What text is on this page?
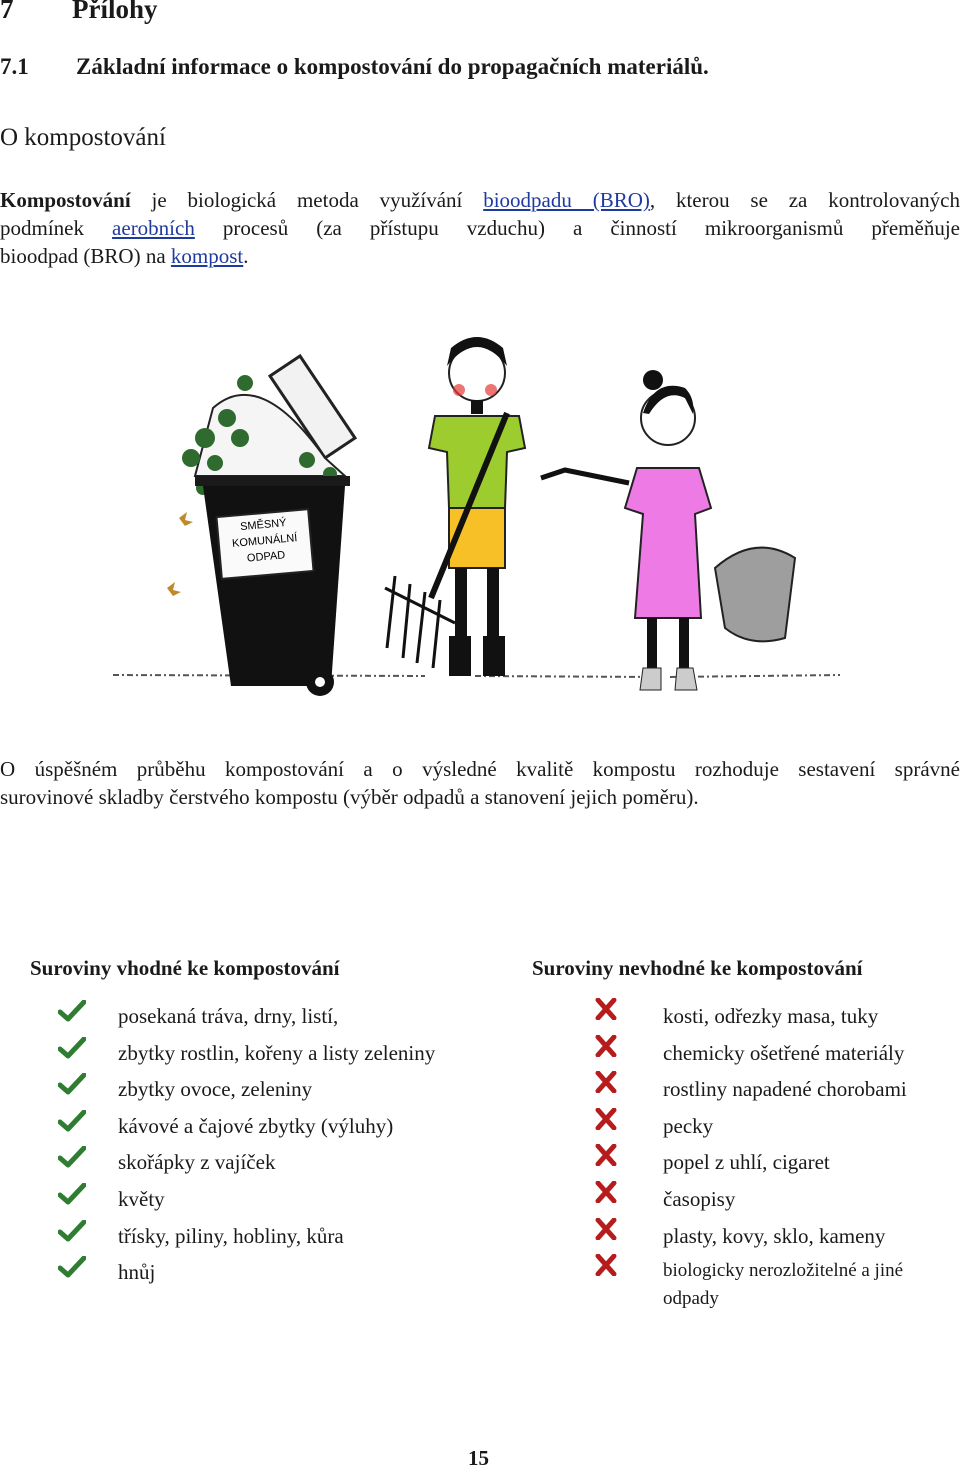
7 Přílohy
7.1 Základní informace o kompostování do propagačních materiálů.
O kompostování
Kompostování je biologická metoda využívání bioodpadu (BRO), kterou se za kontrolovaných
podmínek aerobních procesů (za přístupu vzduchu) a činností mikroorganismů přeměňuje
bioodpad (BRO) na kompost.
SMĚSNÝ
KOMUNÁLNÍ
ODPAD
O úspěšném průběhu kompostování a o výsledné kvalitě kompostu rozhoduje sestavení správné
surovinové skladby čerstvého kompostu (výběr odpadů a stanovení jejich poměru).
Suroviny vhodné ke kompostování	Suroviny nevhodné ke kompostování
posekaná tráva, drny, listí,
zbytky rostlin, kořeny a listy zeleniny
zbytky ovoce, zeleniny
kávové a čajové zbytky (výluhy)
skořápky z vajíček
květy
třísky, piliny, hobliny, kůra
hnůj
kosti, odřezky masa, tuky
chemicky ošetřené materiály
rostliny napadené chorobami
pecky
popel z uhlí, cigaret
časopisy
plasty, kovy, sklo, kameny
biologicky nerozložitelné a jiné
odpady
15
